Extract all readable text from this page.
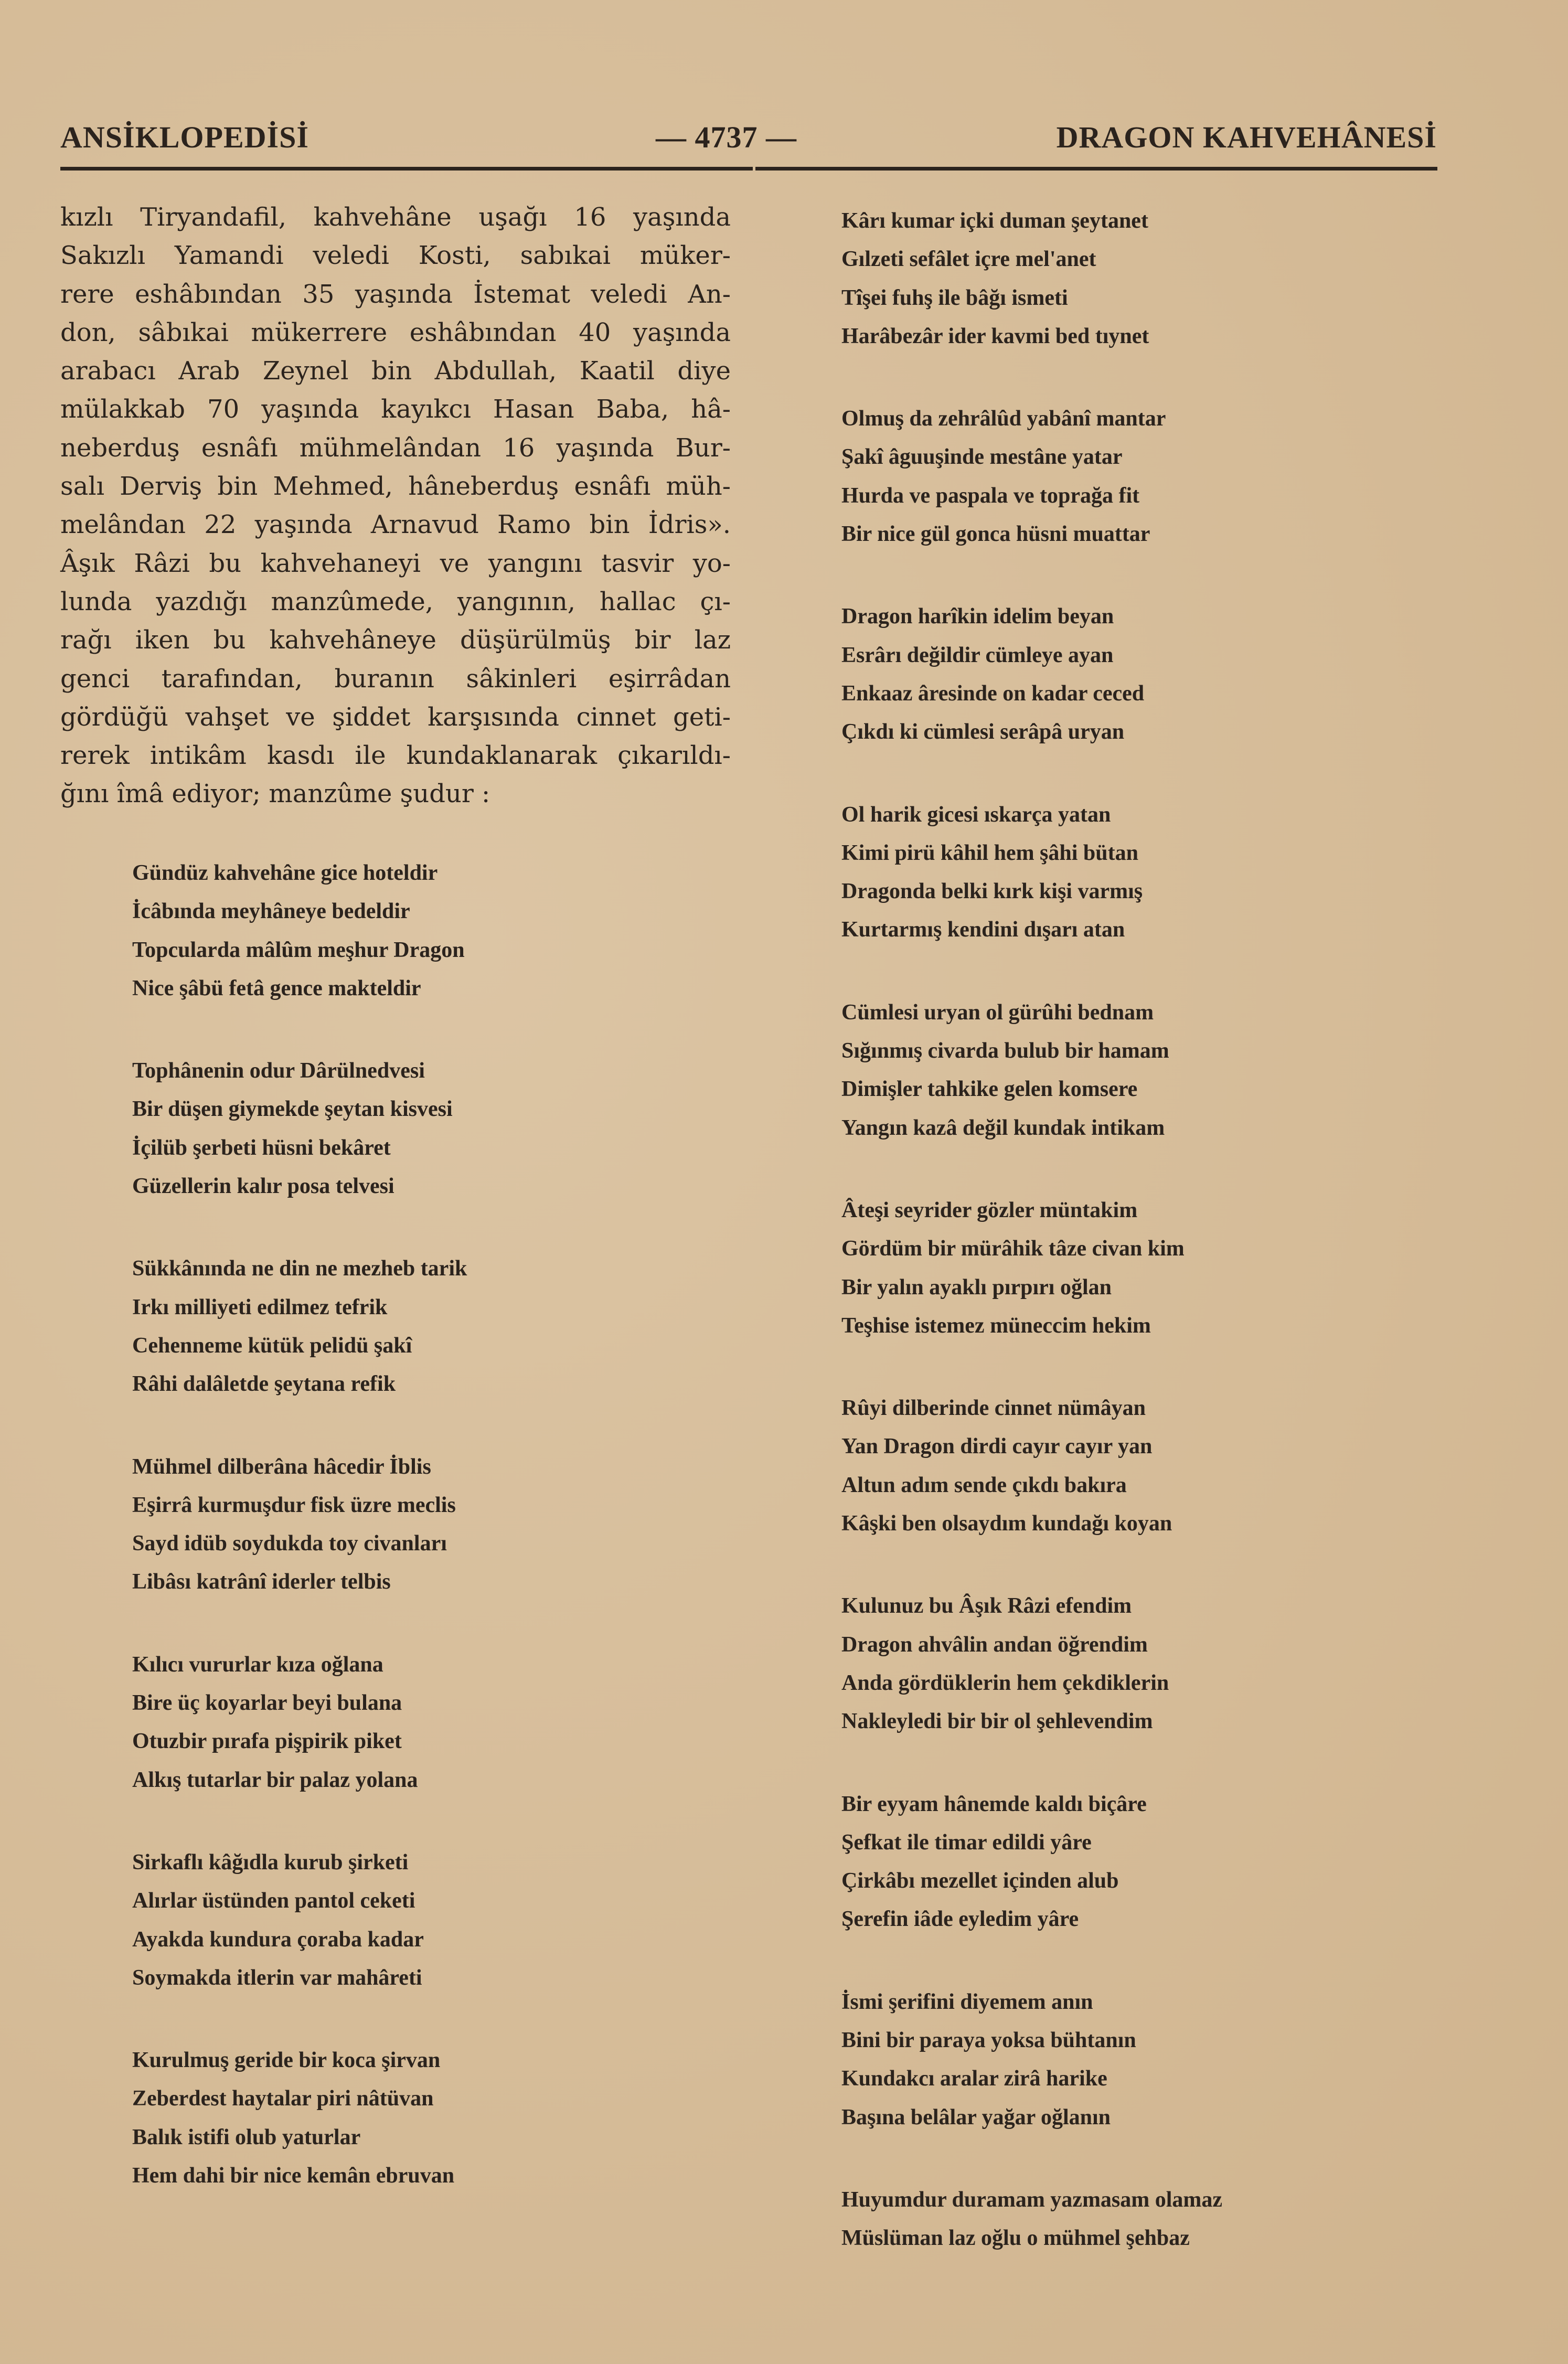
ANSİKLOPEDİSİ	— 4737 —	DRAGON KAHVEHÂNESİ
kızlı Tiryandafil, kahvehâne uşağı 16 yaşında
Sakızlı Yamandi veledi Kosti, sabıkai müker-
rere eshâbından 35 yaşında İstemat veledi An-
don, sâbıkai mükerrere eshâbından 40 yaşında
arabacı Arab Zeynel bin Abdullah, Kaatil diye
mülakkab 70 yaşında kayıkcı Hasan Baba, hâ-
neberduş esnâfı mühmelândan 16 yaşında Bur-
salı Derviş bin Mehmed, hâneberduş esnâfı müh-
melândan 22 yaşında Arnavud Ramo bin İdris».
Âşık Râzi bu kahvehaneyi ve yangını tasvir yo-
lunda yazdığı manzûmede, yangının, hallac çı-
rağı iken bu kahvehâneye düşürülmüş bir laz
genci tarafından, buranın sâkinleri eşirrâdan
gördüğü vahşet ve şiddet karşısında cinnet geti-
rerek intikâm kasdı ile kundaklanarak çıkarıldı-
ğını îmâ ediyor; manzûme şudur :
Gündüz kahvehâne gice hoteldir
İcâbında meyhâneye bedeldir
Topcularda mâlûm meşhur Dragon
Nice şâbü fetâ gence makteldir
Tophânenin odur Dârülnedvesi
Bir düşen giymekde şeytan kisvesi
İçilüb şerbeti hüsni bekâret
Güzellerin kalır posa telvesi
Sükkânında ne din ne mezheb tarik
Irkı milliyeti edilmez tefrik
Cehenneme kütük pelidü şakî
Râhi dalâletde şeytana refik
Mühmel dilberâna hâcedir İblis
Eşirrâ kurmuşdur fisk üzre meclis
Sayd idüb soydukda toy civanları
Libâsı katrânî iderler telbis
Kılıcı vururlar kıza oğlana
Bire üç koyarlar beyi bulana
Otuzbir pırafa pişpirik piket
Alkış tutarlar bir palaz yolana
Sirkaflı kâğıdla kurub şirketi
Alırlar üstünden pantol ceketi
Ayakda kundura çoraba kadar
Soymakda itlerin var mahâreti
Kurulmuş geride bir koca şirvan
Zeberdest haytalar piri nâtüvan
Balık istifi olub yaturlar
Hem dahi bir nice kemân ebruvan
Kârı kumar içki duman şeytanet
Gılzeti sefâlet içre mel'anet
Tîşei fuhş ile bâğı ismeti
Harâbezâr ider kavmi bed tıynet
Olmuş da zehrâlûd yabânî mantar
Şakî âguuşinde mestâne yatar
Hurda ve paspala ve toprağa fit
Bir nice gül gonca hüsni muattar
Dragon harîkin idelim beyan
Esrârı değildir cümleye ayan
Enkaaz âresinde on kadar ceсed
Çıkdı ki cümlesi serâpâ uryan
Ol harik gicesi ıskarça yatan
Kimi pirü kâhil hem şâhi bütan
Dragonda belki kırk kişi varmış
Kurtarmış kendini dışarı atan
Cümlesi uryan ol gürûhi bednam
Sığınmış civarda bulub bir hamam
Dimişler tahkike gelen komsere
Yangın kazâ değil kundak intikam
Âteşi seyrider gözler müntakim
Gördüm bir mürâhik tâze civan kim
Bir yalın ayaklı pırpırı oğlan
Teşhise istemez müneccim hekim
Rûyi dilberinde cinnet nümâyan
Yan Dragon dirdi cayır cayır yan
Altun adım sende çıkdı bakıra
Kâşki ben olsaydım kundağı koyan
Kulunuz bu Âşık Râzi efendim
Dragon ahvâlin andan öğrendim
Anda gördüklerin hem çekdiklerin
Nakleyledi bir bir ol şehlevendim
Bir eyyam hânemde kaldı biçâre
Şefkat ile timar edildi yâre
Çirkâbı mezellet içinden alub
Şerefin iâde eyledim yâre
İsmi şerifini diyemem anın
Bini bir paraya yoksa bühtanın
Kundakcı aralar zirâ harike
Başına belâlar yağar oğlanın
Huyumdur duramam yazmasam olamaz
Müslüman laz oğlu o mühmel şehbaz
